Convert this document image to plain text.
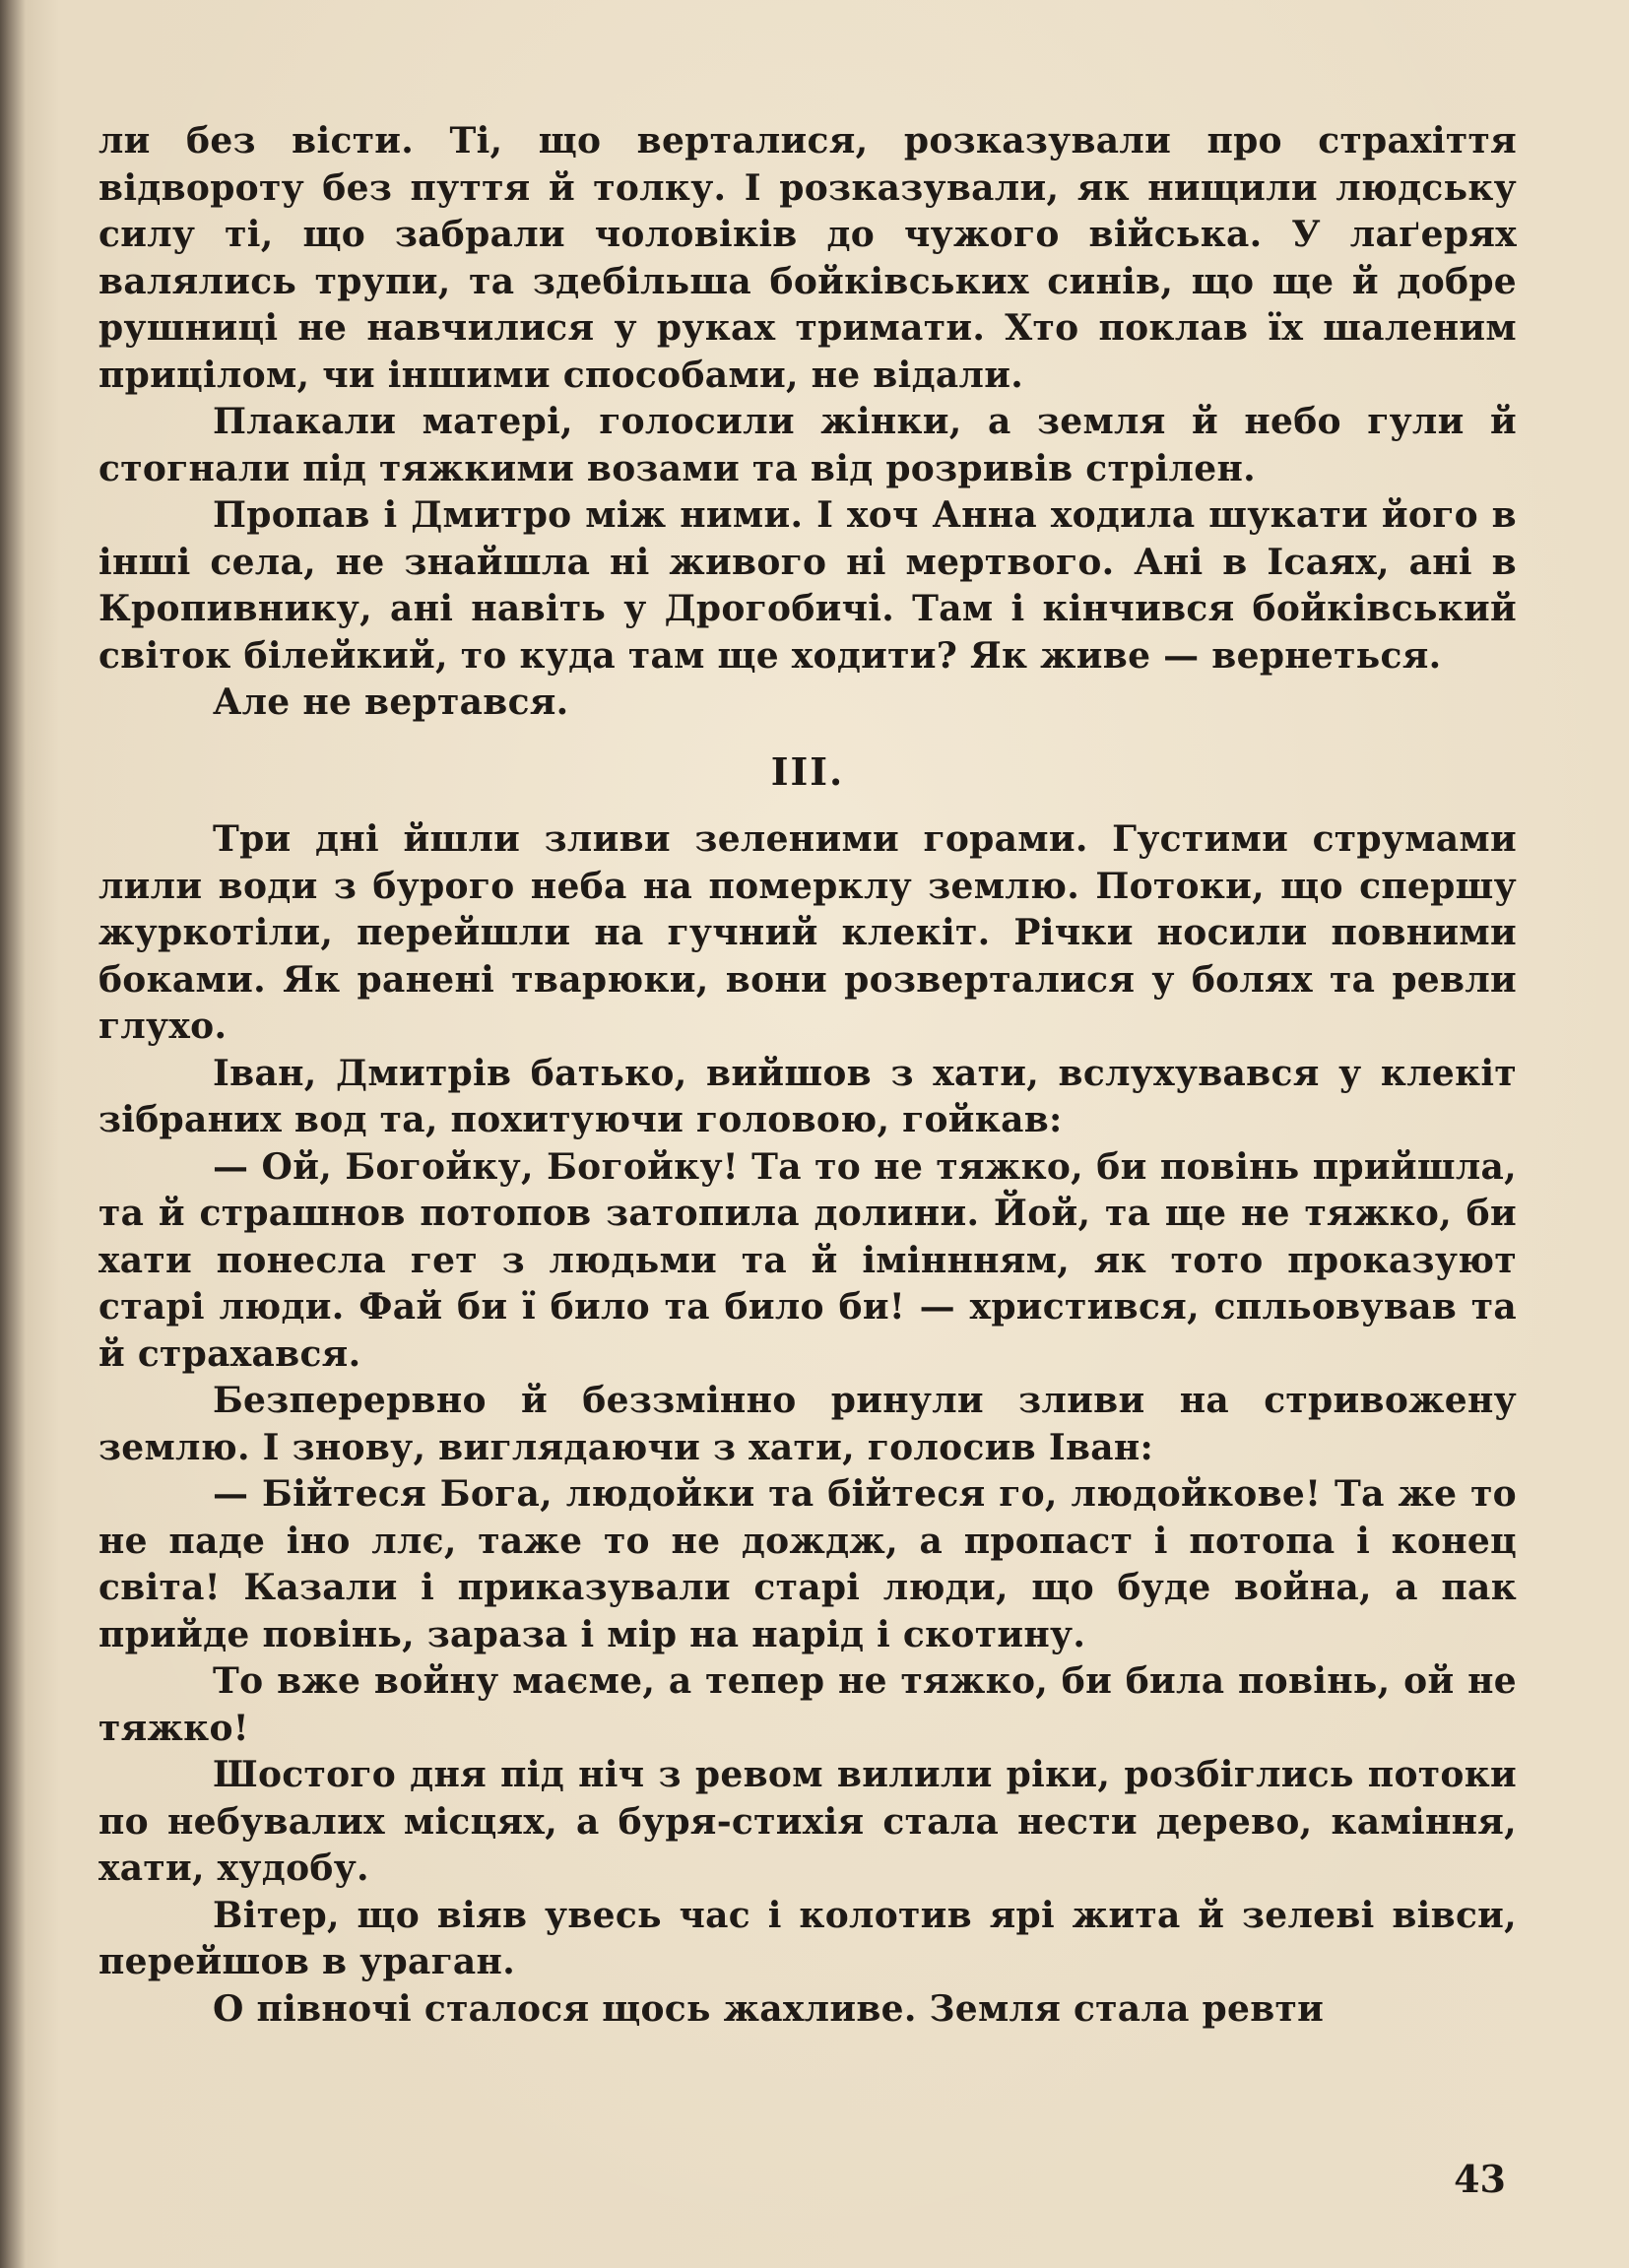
ли без вісти. Ті, що верталися, розказували про страхіття відвороту без пуття й толку. І розказували, як нищили людську силу ті, що забрали чоловіків до чужого війська. У лаґерях валялись трупи, та здебільша бойківських синів, що ще й добре рушниці не навчилися у руках тримати. Хто поклав їх шаленим прицілом, чи іншими способами, не відали.

Плакали матері, голосили жінки, а земля й небо гули й стогнали під тяжкими возами та від розривів стрілен.

Пропав і Дмитро між ними. І хоч Анна ходила шукати його в інші села, не знайшла ні живого ні мертвого. Ані в Ісаях, ані в Кропивнику, ані навіть у Дрогобичі. Там і кінчився бойківський світок білейкий, то куда там ще ходити? Як живе — вернеться.

Але не вертався.

III.

Три дні йшли зливи зеленими горами. Густими струмами лили води з бурого неба на померклу землю. Потоки, що спершу журкотіли, перейшли на гучний клекіт. Річки носили повними боками. Як ранені тварюки, вони розверталися у болях та ревли глухо.

Іван, Дмитрів батько, вийшов з хати, вслухувався у клекіт зібраних вод та, похитуючи головою, гойкав:

— Ой, Богойку, Богойку! Та то не тяжко, би повінь прийшла, та й страшнов потопов затопила долини. Йой, та ще не тяжко, би хати понесла гет з людьми та й іміннням, як тото проказуют старі люди. Фай би ї било та било би! — христився, спльовував та й страхався.

Безперервно й беззмінно ринули зливи на стривожену землю. І знову, виглядаючи з хати, голосив Іван:

— Бійтеся Бога, людойки та бійтеся го, людойкове! Та же то не паде іно ллє, таже то не дождж, а пропаст і потопа і конец світа! Казали і приказували старі люди, що буде война, а пак прийде повінь, зараза і мір на нарід і скотину.

То вже войну маєме, а тепер не тяжко, би била повінь, ой не тяжко!

Шостого дня під ніч з ревом вилили ріки, розбіглись потоки по небувалих місцях, а буря-стихія стала нести дерево, каміння, хати, худобу.

Вітер, що віяв увесь час і колотив ярі жита й зелеві вівси, перейшов в ураган.

О півночі сталося щось жахливе. Земля стала ревти

43
